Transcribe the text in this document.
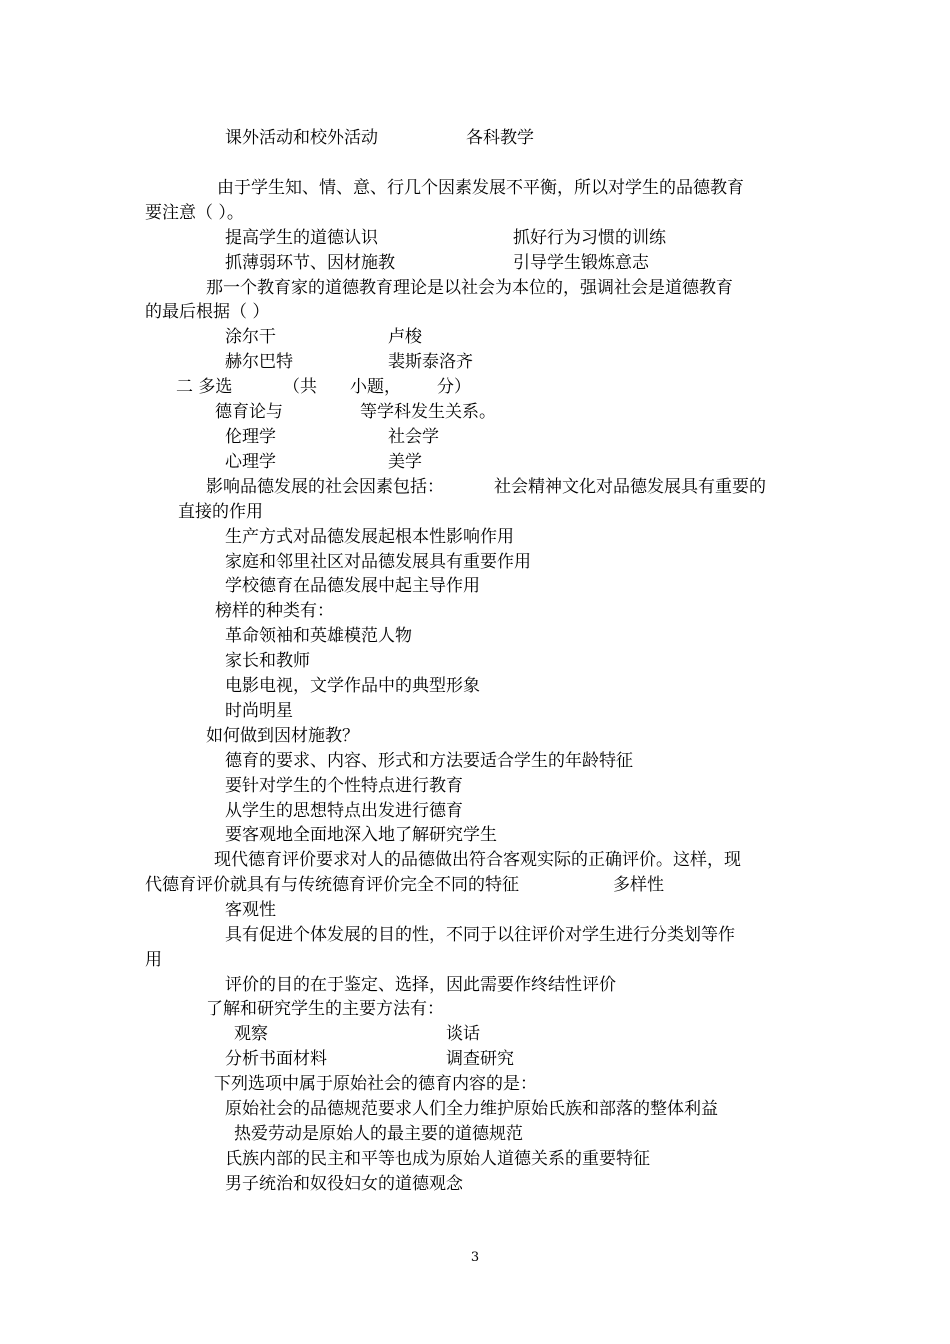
课外活动和校外活动	各科教学
由于学生知、情、意、行几个因素发展不平衡，所以对学生的品德教育
要注意（ ）。
提高学生的道德认识	抓好行为习惯的训练
抓薄弱环节、因材施教	引导学生锻炼意志
那一个教育家的道德教育理论是以社会为本位的，强调社会是道德教育
的最后根据（ ）
涂尔干	卢梭
赫尔巴特	裴斯泰洛齐
二 多选	（共 小题， 分）
德育论与	等学科发生关系。
伦理学	社会学
心理学	美学
影响品德发展的社会因素包括：	社会精神文化对品德发展具有重要的
直接的作用
生产方式对品德发展起根本性影响作用
家庭和邻里社区对品德发展具有重要作用
学校德育在品德发展中起主导作用
榜样的种类有：
革命领袖和英雄模范人物
家长和教师
电影电视，文学作品中的典型形象
时尚明星
如何做到因材施教？
德育的要求、内容、形式和方法要适合学生的年龄特征
要针对学生的个性特点进行教育
从学生的思想特点出发进行德育
要客观地全面地深入地了解研究学生
现代德育评价要求对人的品德做出符合客观实际的正确评价。这样，现
代德育评价就具有与传统德育评价完全不同的特征	多样性
客观性
具有促进个体发展的目的性，不同于以往评价对学生进行分类划等作
用
评价的目的在于鉴定、选择，因此需要作终结性评价
了解和研究学生的主要方法有：
观察	谈话
分析书面材料	调查研究
下列选项中属于原始社会的德育内容的是：
原始社会的品德规范要求人们全力维护原始氏族和部落的整体利益
热爱劳动是原始人的最主要的道德规范
氏族内部的民主和平等也成为原始人道德关系的重要特征
男子统治和奴役妇女的道德观念
3
